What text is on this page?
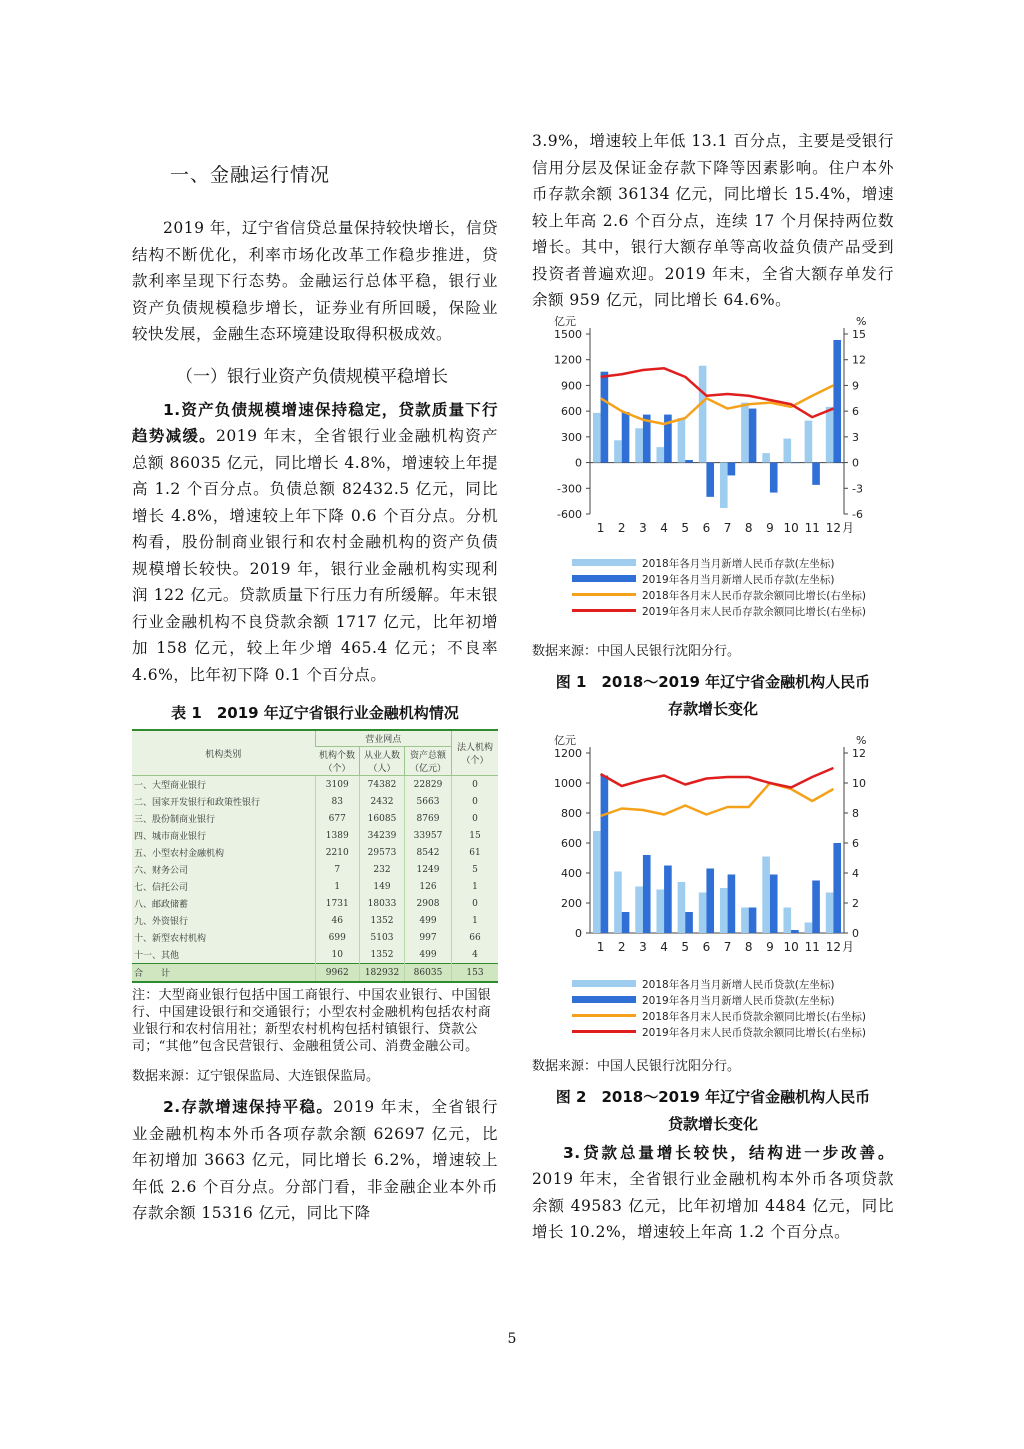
一、金融运行情况

2019 年，辽宁省信贷总量保持较快增长，信贷结构不断优化，利率市场化改革工作稳步推进，贷款利率呈现下行态势。金融运行总体平稳，银行业资产负债规模稳步增长，证券业有所回暖，保险业较快发展，金融生态环境建设取得积极成效。

（一）银行业资产负债规模平稳增长

1.资产负债规模增速保持稳定，贷款质量下行趋势减缓。2019 年末，全省银行业金融机构资产总额 86035 亿元，同比增长 4.8%，增速较上年提高 1.2 个百分点。负债总额 82432.5 亿元，同比增长 4.8%，增速较上年下降 0.6 个百分点。分机构看，股份制商业银行和农村金融机构的资产负债规模增长较快。2019 年，银行业金融机构实现利润 122 亿元。贷款质量下行压力有所缓解。年末银行业金融机构不良贷款余额 1717 亿元，比年初增加 158 亿元，较上年少增 465.4 亿元；不良率 4.6%，比年初下降 0.1 个百分点。

表 1　2019 年辽宁省银行业金融机构情况
机构类别	营业网点			法人机构（个）
	机构个数（个）	从业人数（人）	资产总额（亿元）	
一、大型商业银行	3109	74382	22829	0
二、国家开发银行和政策性银行	83	2432	5663	0
三、股份制商业银行	677	16085	8769	0
四、城市商业银行	1389	34239	33957	15
五、小型农村金融机构	2210	29573	8542	61
六、财务公司	7	232	1249	5
七、信托公司	1	149	126	1
八、邮政储蓄	1731	18033	2908	0
九、外资银行	46	1352	499	1
十、新型农村机构	699	5103	997	66
十一、其他	10	1352	499	4
合　　计	9962	182932	86035	153

注：大型商业银行包括中国工商银行、中国农业银行、中国银行、中国建设银行和交通银行；小型农村金融机构包括农村商业银行和农村信用社；新型农村机构包括村镇银行、贷款公司；“其他”包含民营银行、金融租赁公司、消费金融公司。

数据来源：辽宁银保监局、大连银保监局。

2.存款增速保持平稳。2019 年末，全省银行业金融机构本外币各项存款余额 62697 亿元，比年初增加 3663 亿元，同比增长 6.2%，增速较上年低 2.6 个百分点。分部门看，非金融企业本外币存款余额 15316 亿元，同比下降

3.9%，增速较上年低 13.1 百分点，主要是受银行信用分层及保证金存款下降等因素影响。住户本外币存款余额 36134 亿元，同比增长 15.4%，增速较上年高 2.6 个百分点，连续 17 个月保持两位数增长。其中，银行大额存单等高收益负债产品受到投资者普遍欢迎。2019 年末，全省大额存单发行余额 959 亿元，同比增长 64.6%。

亿元	%
-600
-300
0
300
600
900
1200
1500
-6
-3
0
3
6
9
12
15
1 2 3 4 5 6 7 8 9 10 11 12 月
2018年各月当月新增人民币存款(左坐标)
2019年各月当月新增人民币存款(左坐标)
2018年各月末人民币存款余额同比增长(右坐标)
2019年各月末人民币存款余额同比增长(右坐标)

数据来源：中国人民银行沈阳分行。

图 1　2018～2019 年辽宁省金融机构人民币
存款增长变化
亿元	%
0
200
400
600
800
1000
1200
0
2
4
6
8
10
12
1 2 3 4 5 6 7 8 9 10 11 12 月
2018年各月当月新增人民币贷款(左坐标)
2019年各月当月新增人民币贷款(左坐标)
2018年各月末人民币贷款余额同比增长(右坐标)
2019年各月末人民币贷款余额同比增长(右坐标)

数据来源：中国人民银行沈阳分行。

图 2　2018～2019 年辽宁省金融机构人民币
贷款增长变化

3.贷款总量增长较快，结构进一步改善。2019 年末，全省银行业金融机构本外币各项贷款余额 49583 亿元，比年初增加 4484 亿元，同比增长 10.2%，增速较上年高 1.2 个百分点。

5
